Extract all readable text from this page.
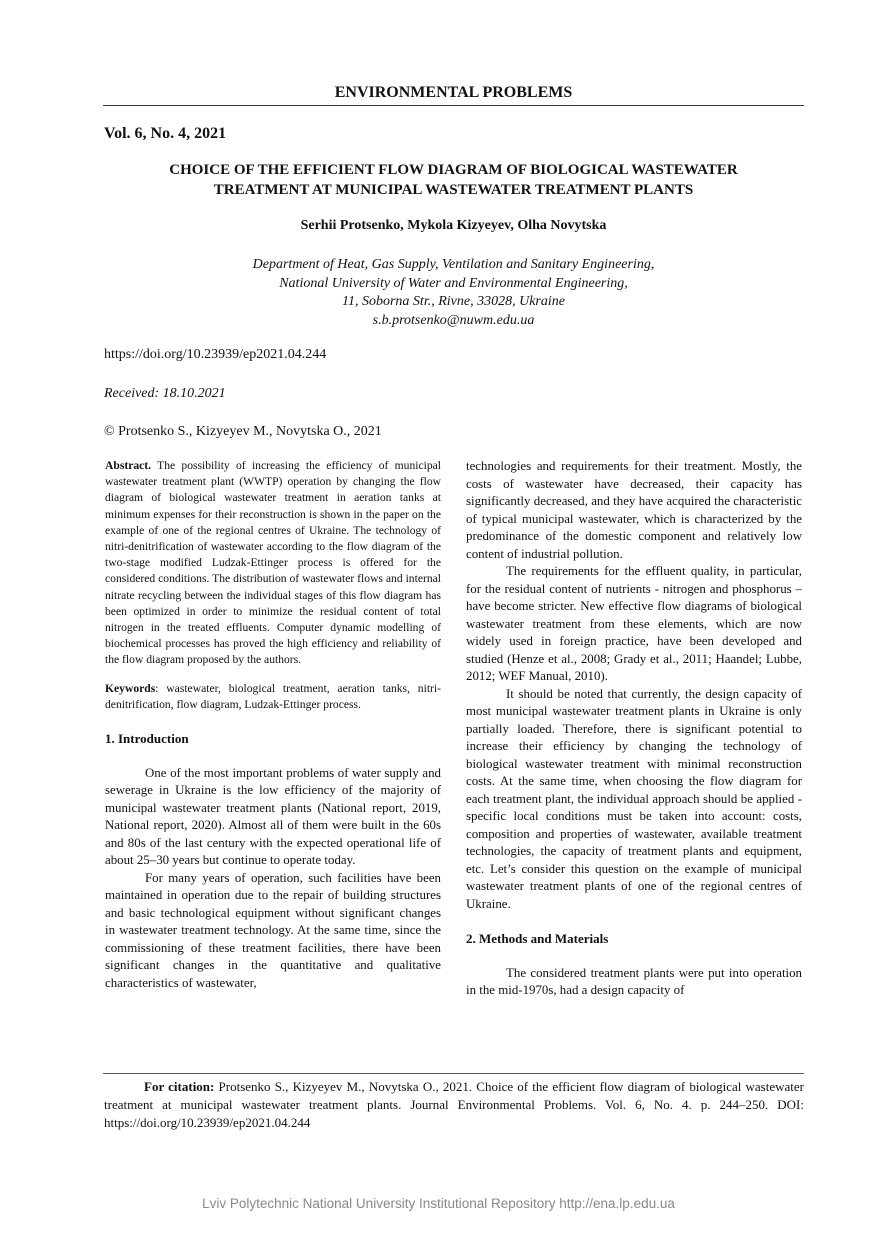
ENVIRONMENTAL PROBLEMS
Vol. 6, No. 4, 2021
CHOICE OF THE EFFICIENT FLOW DIAGRAM OF BIOLOGICAL WASTEWATER
TREATMENT AT MUNICIPAL WASTEWATER TREATMENT PLANTS
Serhii Protsenko, Mykola Kizyeyev, Olha Novytska
Department of Heat, Gas Supply, Ventilation and Sanitary Engineering,
National University of Water and Environmental Engineering,
11, Soborna Str., Rivne, 33028, Ukraine
s.b.protsenko@nuwm.edu.ua
https://doi.org/10.23939/ep2021.04.244
Received: 18.10.2021
© Protsenko S., Kizyeyev M., Novytska O., 2021

Abstract. The possibility of increasing the efficiency of municipal wastewater treatment plant (WWTP) operation by changing the flow diagram of biological wastewater treatment in aeration tanks at minimum expenses for their reconstruction is shown in the paper on the example of one of the regional centres of Ukraine. The technology of nitri-denitrification of wastewater according to the flow diagram of the two-stage modified Ludzak-Ettinger process is offered for the considered conditions. The distribution of wastewater flows and internal nitrate recycling between the individual stages of this flow diagram has been optimized in order to minimize the residual content of total nitrogen in the treated effluents. Computer dynamic modelling of biochemical processes has proved the high efficiency and reliability of the flow diagram proposed by the authors.

Keywords: wastewater, biological treatment, aeration tanks, nitri-denitrification, flow diagram, Ludzak-Ettinger process.

1. Introduction

One of the most important problems of water supply and sewerage in Ukraine is the low efficiency of the majority of municipal wastewater treatment plants (National report, 2019, National report, 2020). Almost all of them were built in the 60s and 80s of the last century with the expected operational life of about 25–30 years but continue to operate today.

For many years of operation, such facilities have been maintained in operation due to the repair of building structures and basic technological equipment without significant changes in wastewater treatment technology. At the same time, since the commissioning of these treatment facilities, there have been significant changes in the quantitative and qualitative characteristics of wastewater,

technologies and requirements for their treatment. Mostly, the costs of wastewater have decreased, their capacity has significantly decreased, and they have acquired the characteristic of typical municipal wastewater, which is characterized by the predominance of the domestic component and relatively low content of industrial pollution.

The requirements for the effluent quality, in particular, for the residual content of nutrients - nitrogen and phosphorus – have become stricter. New effective flow diagrams of biological wastewater treatment from these elements, which are now widely used in foreign practice, have been developed and studied (Henze et al., 2008; Grady et al., 2011; Haandel; Lubbe, 2012; WEF Manual, 2010).

It should be noted that currently, the design capacity of most municipal wastewater treatment plants in Ukraine is only partially loaded. Therefore, there is significant potential to increase their efficiency by changing the technology of biological wastewater treatment with minimal reconstruction costs. At the same time, when choosing the flow diagram for each treatment plant, the individual approach should be applied - specific local conditions must be taken into account: costs, composition and properties of wastewater, available treatment technologies, the capacity of treatment plants and equipment, etc. Let’s consider this question on the example of municipal wastewater treatment plants of one of the regional centres of Ukraine.

2. Methods and Materials

The considered treatment plants were put into operation in the mid-1970s, had a design capacity of

For citation: Protsenko S., Kizyeyev M., Novytska O., 2021. Choice of the efficient flow diagram of biological wastewater treatment at municipal wastewater treatment plants. Journal Environmental Problems. Vol. 6, No. 4. p. 244–250. DOI: https://doi.org/10.23939/ep2021.04.244
Lviv Polytechnic National University Institutional Repository http://ena.lp.edu.ua
